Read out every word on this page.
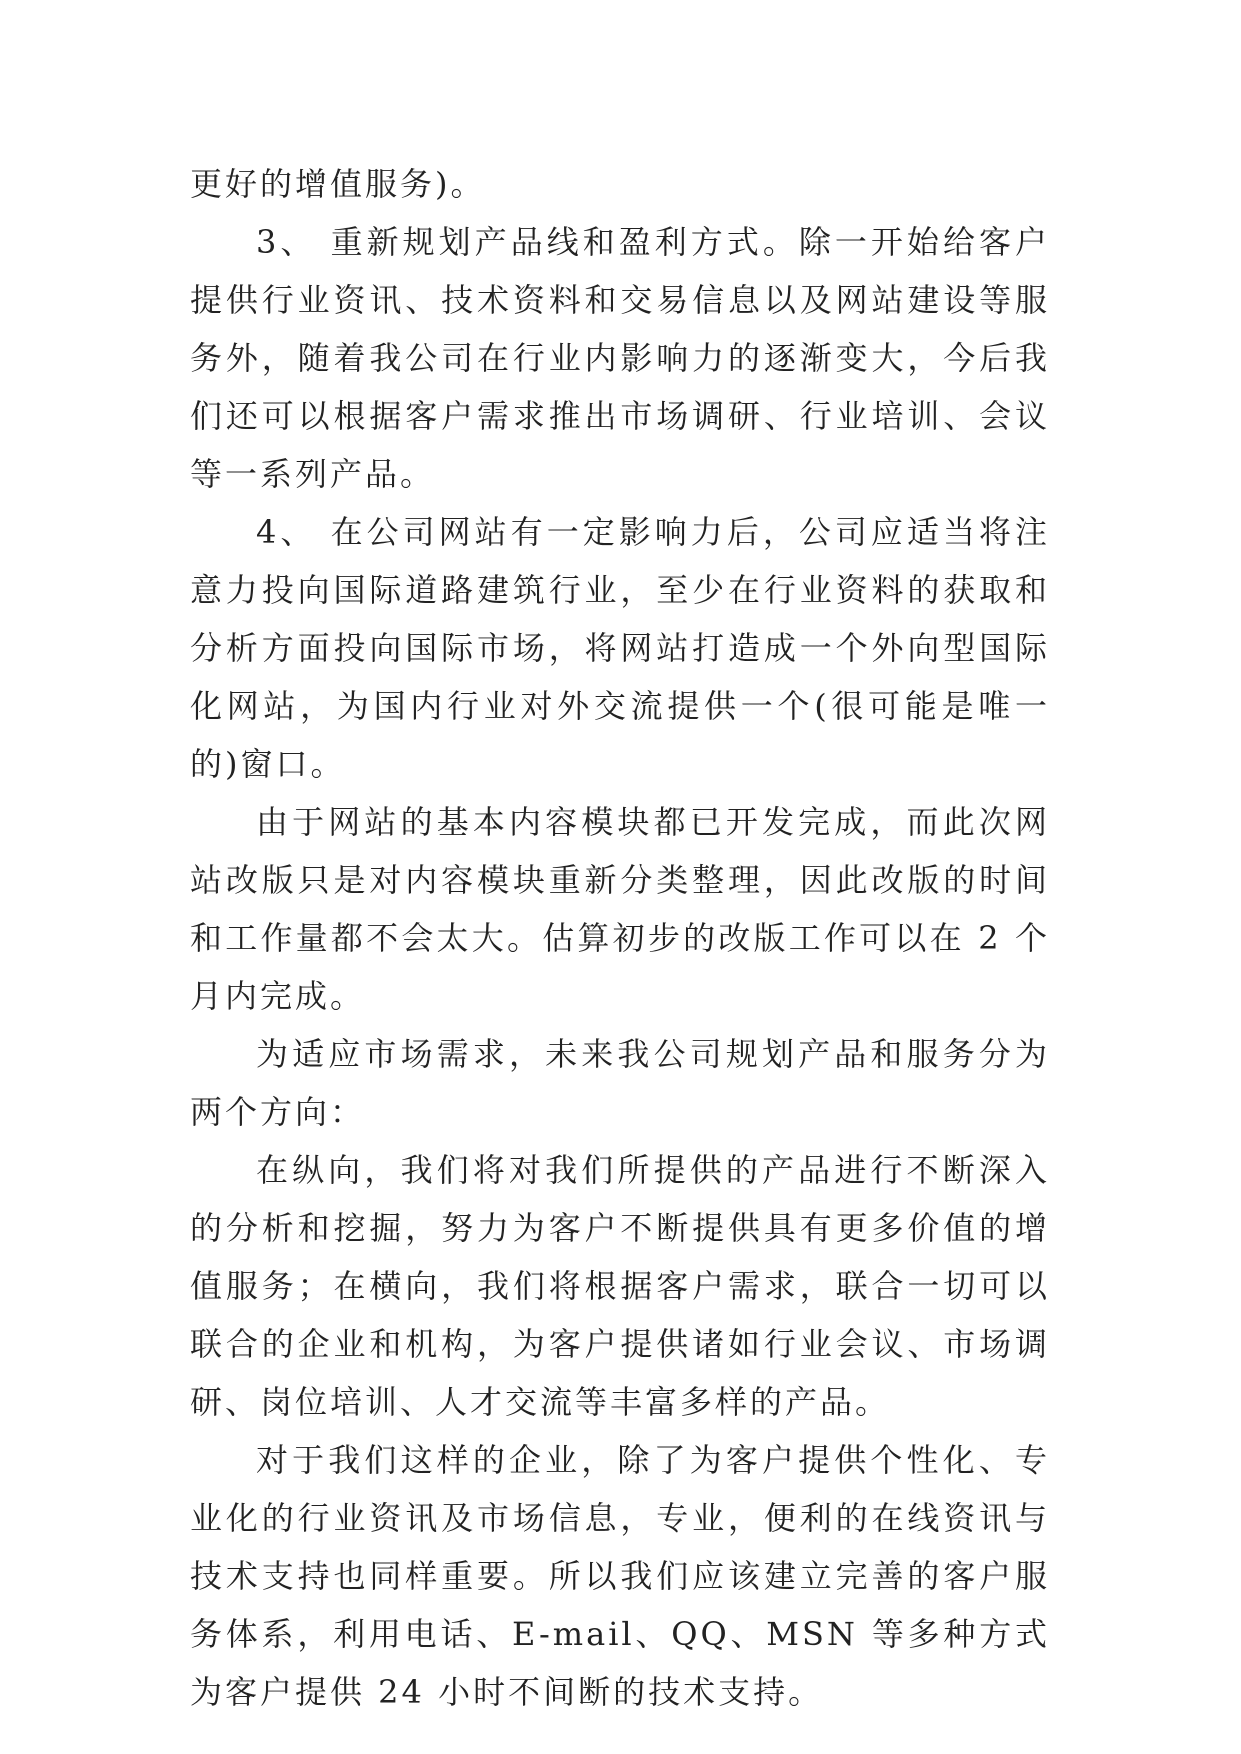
更好的增值服务)。

3、 重新规划产品线和盈利方式。除一开始给客户提供行业资讯、技术资料和交易信息以及网站建设等服务外，随着我公司在行业内影响力的逐渐变大，今后我们还可以根据客户需求推出市场调研、行业培训、会议等一系列产品。

4、 在公司网站有一定影响力后，公司应适当将注意力投向国际道路建筑行业，至少在行业资料的获取和分析方面投向国际市场，将网站打造成一个外向型国际化网站，为国内行业对外交流提供一个(很可能是唯一的)窗口。

由于网站的基本内容模块都已开发完成，而此次网站改版只是对内容模块重新分类整理，因此改版的时间和工作量都不会太大。估算初步的改版工作可以在 2 个月内完成。

为适应市场需求，未来我公司规划产品和服务分为两个方向：

在纵向，我们将对我们所提供的产品进行不断深入的分析和挖掘，努力为客户不断提供具有更多价值的增值服务；在横向，我们将根据客户需求，联合一切可以联合的企业和机构，为客户提供诸如行业会议、市场调研、岗位培训、人才交流等丰富多样的产品。

对于我们这样的企业，除了为客户提供个性化、专业化的行业资讯及市场信息，专业，便利的在线资讯与技术支持也同样重要。所以我们应该建立完善的客户服务体系，利用电话、E-mail、QQ、MSN 等多种方式为客户提供 24 小时不间断的技术支持。
